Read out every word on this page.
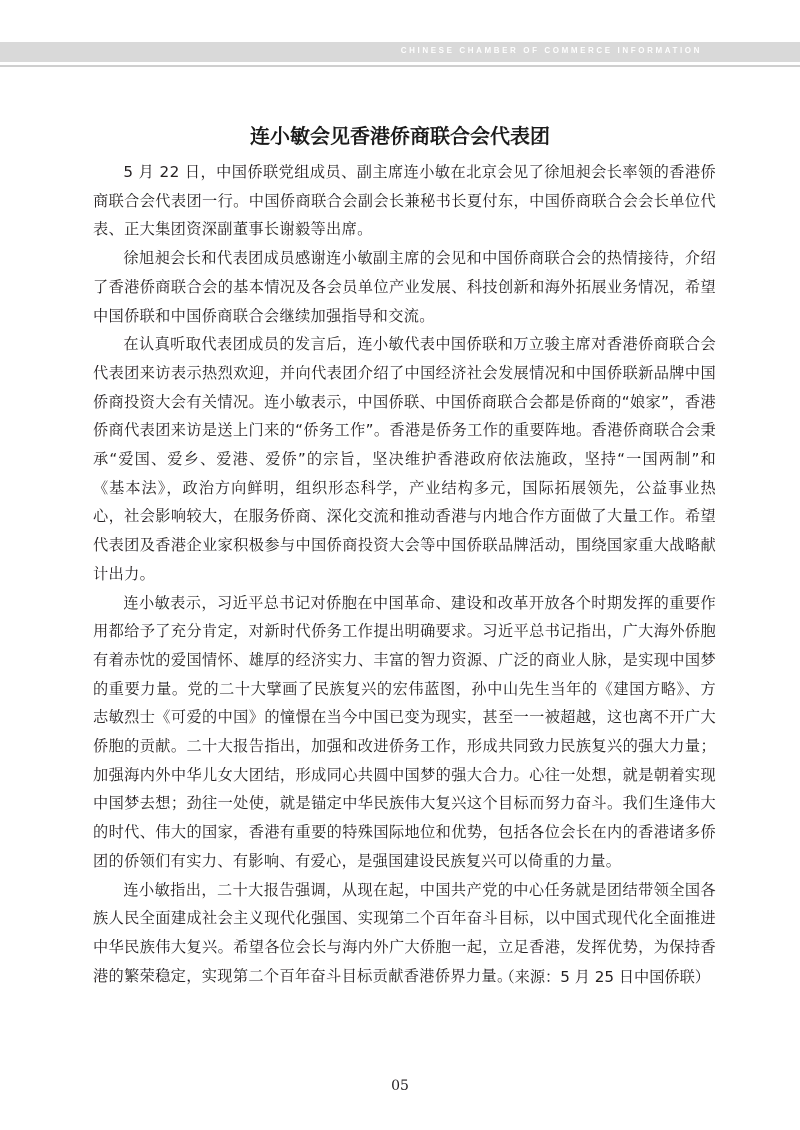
CHINESE CHAMBER OF COMMERCE INFORMATION
连小敏会见香港侨商联合会代表团

5 月 22 日，中国侨联党组成员、副主席连小敏在北京会见了徐旭昶会长率领的香港侨商联合会代表团一行。中国侨商联合会副会长兼秘书长夏付东，中国侨商联合会会长单位代表、正大集团资深副董事长谢毅等出席。

徐旭昶会长和代表团成员感谢连小敏副主席的会见和中国侨商联合会的热情接待，介绍了香港侨商联合会的基本情况及各会员单位产业发展、科技创新和海外拓展业务情况，希望中国侨联和中国侨商联合会继续加强指导和交流。

在认真听取代表团成员的发言后，连小敏代表中国侨联和万立骏主席对香港侨商联合会代表团来访表示热烈欢迎，并向代表团介绍了中国经济社会发展情况和中国侨联新品牌中国侨商投资大会有关情况。连小敏表示，中国侨联、中国侨商联合会都是侨商的“娘家”，香港侨商代表团来访是送上门来的“侨务工作”。香港是侨务工作的重要阵地。香港侨商联合会秉承“爱国、爱乡、爱港、爱侨”的宗旨，坚决维护香港政府依法施政，坚持“一国两制”和《基本法》，政治方向鲜明，组织形态科学，产业结构多元，国际拓展领先，公益事业热心，社会影响较大，在服务侨商、深化交流和推动香港与内地合作方面做了大量工作。希望代表团及香港企业家积极参与中国侨商投资大会等中国侨联品牌活动，围绕国家重大战略献计出力。

连小敏表示，习近平总书记对侨胞在中国革命、建设和改革开放各个时期发挥的重要作用都给予了充分肯定，对新时代侨务工作提出明确要求。习近平总书记指出，广大海外侨胞有着赤忱的爱国情怀、雄厚的经济实力、丰富的智力资源、广泛的商业人脉，是实现中国梦的重要力量。党的二十大擘画了民族复兴的宏伟蓝图，孙中山先生当年的《建国方略》、方志敏烈士《可爱的中国》的憧憬在当今中国已变为现实，甚至一一被超越，这也离不开广大侨胞的贡献。二十大报告指出，加强和改进侨务工作，形成共同致力民族复兴的强大力量；加强海内外中华儿女大团结，形成同心共圆中国梦的强大合力。心往一处想，就是朝着实现中国梦去想；劲往一处使，就是锚定中华民族伟大复兴这个目标而努力奋斗。我们生逢伟大的时代、伟大的国家，香港有重要的特殊国际地位和优势，包括各位会长在内的香港诸多侨团的侨领们有实力、有影响、有爱心，是强国建设民族复兴可以倚重的力量。

连小敏指出，二十大报告强调，从现在起，中国共产党的中心任务就是团结带领全国各族人民全面建成社会主义现代化强国、实现第二个百年奋斗目标，以中国式现代化全面推进中华民族伟大复兴。希望各位会长与海内外广大侨胞一起，立足香港，发挥优势，为保持香港的繁荣稳定，实现第二个百年奋斗目标贡献香港侨界力量。

（来源：5 月 25 日中国侨联）
05
